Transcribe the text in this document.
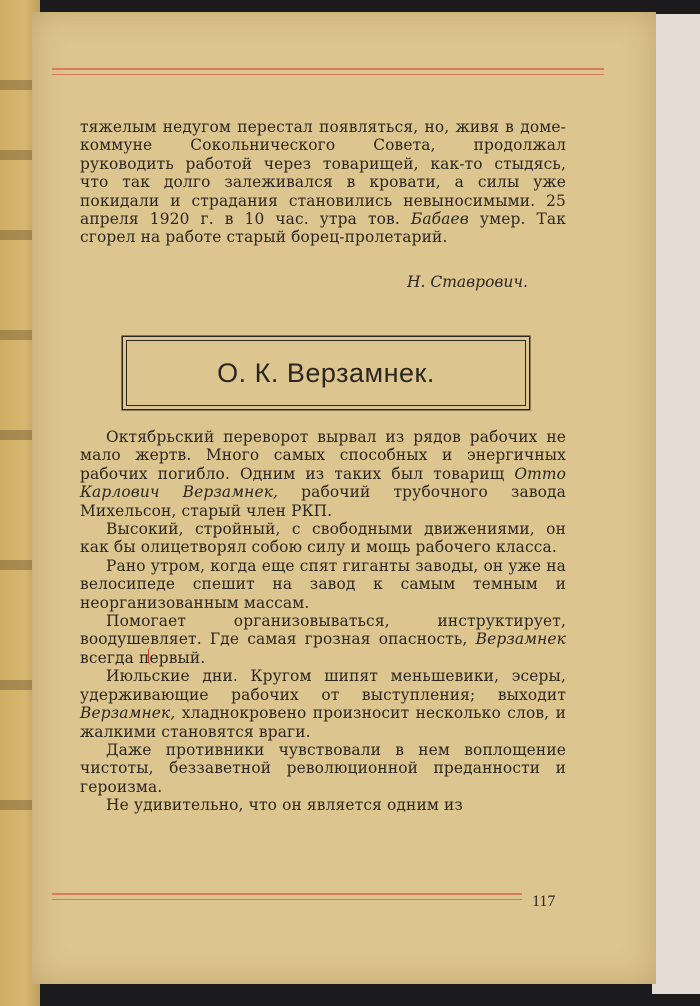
тяжелым недугом перестал появляться, но, живя в доме-коммуне Сокольнического Совета, продолжал руководить работой через товарищей, как-то стыдясь, что так долго залеживался в кровати, а силы уже покидали и страдания становились невыносимыми. 25 апреля 1920 г. в 10 час. утра тов. Бабаев умер. Так сгорел на работе старый борец-пролетарий.

Н. Ставрович.
О. К. Верзамнек.

Октябрьский переворот вырвал из рядов рабочих не мало жертв. Много самых способных и энергичных рабочих погибло. Одним из таких был товарищ Отто Карлович Верзамнек, рабочий трубочного завода Михельсон, старый член РКП.

Высокий, стройный, с свободными движениями, он как бы олицетворял собою силу и мощь рабочего класса.

Рано утром, когда еще спят гиганты заводы, он уже на велосипеде спешит на завод к самым темным и неорганизованным массам.

Помогает организовываться, инструктирует, воодушевляет. Где самая грозная опасность, Верзамнек всегда первый.

Июльские дни. Кругом шипят меньшевики, эсеры, удерживающие рабочих от выступления; выходит Верзамнек, хладнокровено произносит несколько слов, и жалкими становятся враги.

Даже противники чувствовали в нем воплощение чистоты, беззаветной революционной преданности и героизма.

Не удивительно, что он является одним из

117
